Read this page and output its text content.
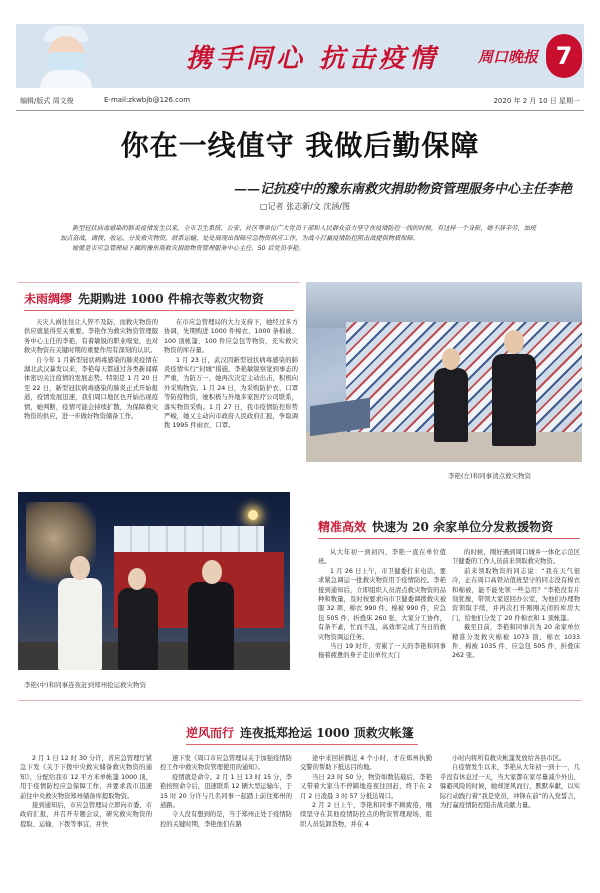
携手同心 抗击疫情	周口晚报 7
编辑/版式 周文俊	E-mail:zkwbjb@126.com	2020 年 2 月 10 日 星期一
你在一线值守 我做后勤保障
——记抗疫中的豫东南救灾捐助物资管理服务中心主任李艳
□记者 张志新/文 沈涵/图

新型冠状病毒感染的肺炎疫情发生以来，全市卫生系统、公安、社区等单位广大党员干部和人民群众奋力坚守在疫情防控一线的时候，有这样一个身影，她不辞辛劳，加班加点奋战，调拨、收运、分发救灾物资，联系运输，处处展现出保障应急物资供应工作，为战斗打赢疫情防控阻击战提供物质保障。

她就是市应急管理局下属的豫东南救灾捐助物资管理服务中心主任、50 后党员李艳。

未雨绸缪 先期购进 1000 件棉衣等救灾物资

天灾人祸往往让人猝不及防，而救灾物资的供应就显得至关重要。李艳作为救灾物资管理服务中心主任的李艳，有着敏锐的职业嗅觉，也对救灾物资在关键时期的重要作用有深刻的认识。

自今年 1 月新型冠状病毒感染的肺炎疫情在湖北武汉暴发以来，李艳每天都通过各类新闻媒体密切关注疫情的发展态势。特别是 1 月 20 日至 22 日，新型冠状病毒感染的肺炎正式开始报道，疫情发展迅速，我们周口地区也开始出现疫情，她判断，疫情可能会持续扩散，为保障救灾物资的供应，进一步做好物资储备工作。

在市应急管理局的大力支持下，她经过多方协调，先期购进 1000 件棉衣、1000 条棉被、100 顶帐篷、100 件应急包等物资，充实救灾物资的库存量。

1 月 23 日，武汉因新型冠状病毒感染的肺炎疫情实行“封城”措施，李艳敏锐察觉到事态的严重，为防万一，她再次决定主动出击，积极向外采购物资。1 月 24 日，为采购防护衣、口罩等防疫物资，她积极与外地多家医疗公司联系，落实物资采购。1 月 27 日，我市疫情防控形势严峻，她又主动向市政府人民政府汇报，争取调拨 1995 件雨衣、口罩。

李艳(左)和同事清点救灾物资
李艳(中)和同事连夜赶到郑州抢运救灾物资
精准高效 快速为 20 余家单位分发救援物资

从大年初一到初四，李艳一直在单位值班。

1 月 26 日上午，市卫健委打来电话，要求紧急调运一批救灾物资用于疫情防控。李艳接到通知后，立即组织人员清点救灾物资的品种和数量，及时按要求向市卫健委调拨救灾被服 32 项、棉衣 990 件、棉被 990 件，应急包 505 件、折叠床 260 张，大家分工协作，有条不紊，忙而不乱，高效率完成了当日的救灾物资调运任务。

当日 19 时许，劳累了一天的李艳和同事拖着疲惫的身子走出单位大门

的时候，刚好遇到周口城乡一体化示范区卫健委的工作人员前来领取救灾物资。

前来领取物资的同志说：“我在天气很冷，正在周口高铁站值班坚守的同志没有棉衣和棉被，能不能先领一些急用？”李艳没有片刻犹豫，带领大家返回办公室，为他们办理物资领取手续，并再次打开刚刚关闭的库房大门，给他们分发了 20 件棉衣和 1 顶帐篷。

截至目前，李艳和同事共为 20 余家单位精准分发救灾棉被 1073 顶、棉衣 1033 件、棉被 1035 件、应急包 505 件、折叠床 262 张。

逆风而行 连夜抵郑抢运 1000 顶救灾帐篷

2 月 1 日 12 时 30 分许，省应急管理厅紧急下发《关于下拨中央救灾储备救灾物资的通知》，分配给我市 12 平方米单帐篷 1000 顶，用于疫情防控应急保障工作，并要求我市迅速前往中央救灾物资郑州储备库提取物资。

接到通知后，市应急管理局立即向市委、市政府汇报，并召开专题会议，研究救灾物资的提取、运输、下拨等事宜，并快

速下发《周口市应急管理局关于加强疫情防控工作中救灾物资管理使用的通知》。

疫情就是命令。2 月 1 日 13 时 15 分，李艳按照命令后，迅速联系 12 辆大型运输车，于 15 时 20 分许与几名同事一起踏上前往郑州的道路。

令人没有想到的是，当于郑州正处于疫情防控的关键时期，李艳他们在路

途中来回折腾近 4 个小时，才在郑州执勤交警的帮助下抵达目的地。

当日 23 时 50 分，物资如数装载后，李艳又带着大家马不停蹄地连夜往回赶，终于在 2 月 2 日凌晨 3 时 57 分抵达周口。

2 月 2 日上午，李艳和同事不顾疲倦，继续坚守在其他疫情防控点的物资管理现场，组织人员装卸货物，并在 4

小时内将所有救灾帐篷发放给各县市区。

自疫情发生以来，李艳从大年初一到十一，几乎没有休息过一天，当大家都在家尽量减少外出，躲避风险的时候，她却逆风而行，默默奉献，以实际行动践行着“我是党员，冲锋在前”的入党誓言，为打赢疫情防控阻击战贡献力量。
